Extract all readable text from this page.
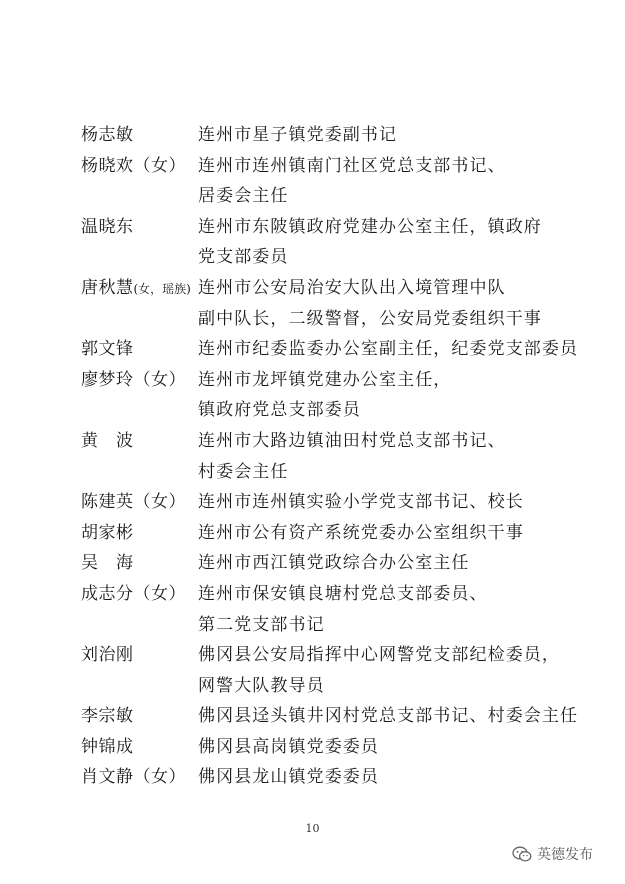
杨志敏	连州市星子镇党委副书记
杨晓欢（女） 连州市连州镇南门社区党总支部书记、
居委会主任
温晓东	连州市东陂镇政府党建办公室主任，镇政府
党支部委员
唐秋慧(女，瑶族) 连州市公安局治安大队出入境管理中队
副中队长，二级警督，公安局党委组织干事
郭文锋	连州市纪委监委办公室副主任，纪委党支部委员
廖梦玲（女） 连州市龙坪镇党建办公室主任，
镇政府党总支部委员
黄　波	连州市大路边镇油田村党总支部书记、
村委会主任
陈建英（女） 连州市连州镇实验小学党支部书记、校长
胡家彬	连州市公有资产系统党委办公室组织干事
吴　海	连州市西江镇党政综合办公室主任
成志分（女） 连州市保安镇良塘村党总支部委员、
第二党支部书记
刘治刚	佛冈县公安局指挥中心网警党支部纪检委员，
网警大队教导员
李宗敏	佛冈县迳头镇井冈村党总支部书记、村委会主任
钟锦成	佛冈县高岗镇党委委员
肖文静（女） 佛冈县龙山镇党委委员
10
英德发布
